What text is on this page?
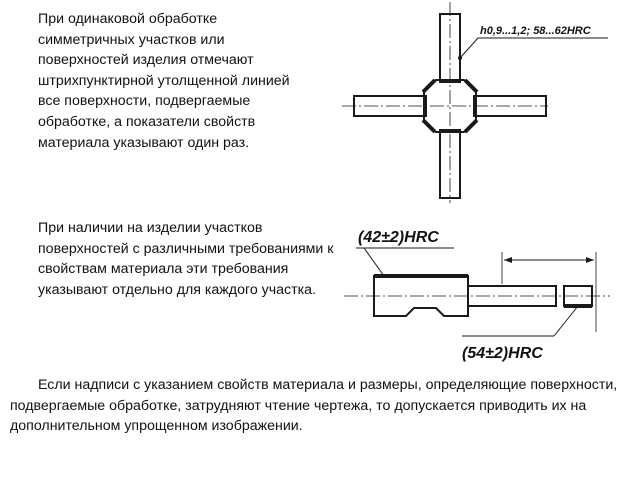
При одинаковой обработке симметричных участков или поверхностей изделия отмечают штрихпунктирной утолщенной линией все поверхности, подвергаемые обработке, а показатели свойств материала указывают один раз.

При наличии на изделии участков поверхностей с различными требованиями к свойствам материала эти требования указывают отдельно для каждого участка.

Если надписи с указанием свойств материала и размеры, определяющие поверхности, подвергаемые обработке, затрудняют чтение чертежа, то допускается приводить их на дополнительном упрощенном изображении.

h0,9...1,2; 58...62HRC
(42±2)HRC
(54±2)HRC
